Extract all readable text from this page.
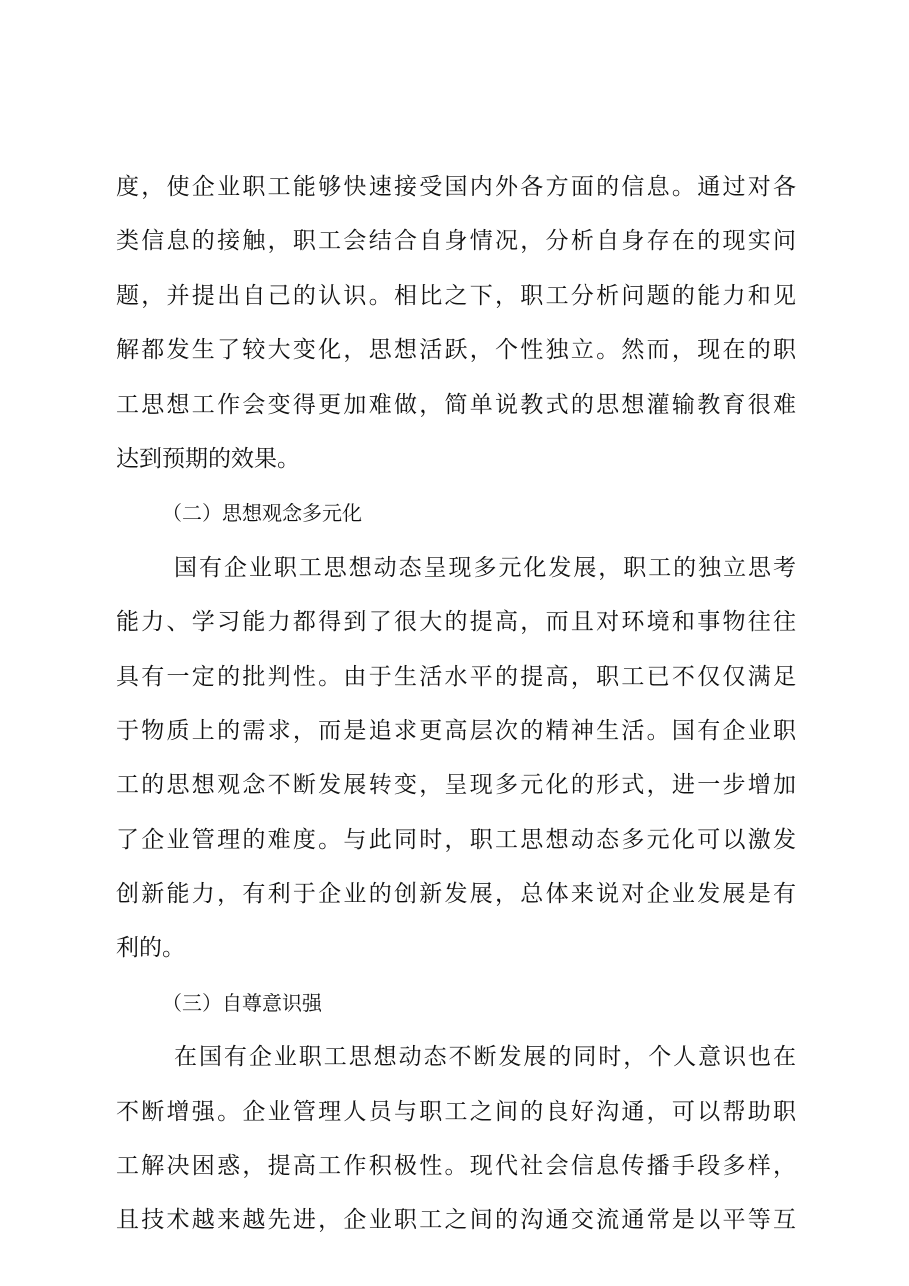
度，使企业职工能够快速接受国内外各方面的信息。通过对各
类信息的接触，职工会结合自身情况，分析自身存在的现实问
题，并提出自己的认识。相比之下，职工分析问题的能力和见
解都发生了较大变化，思想活跃，个性独立。然而，现在的职
工思想工作会变得更加难做，简单说教式的思想灌输教育很难
达到预期的效果。
（二）思想观念多元化
国有企业职工思想动态呈现多元化发展，职工的独立思考
能力、学习能力都得到了很大的提高，而且对环境和事物往往
具有一定的批判性。由于生活水平的提高，职工已不仅仅满足
于物质上的需求，而是追求更高层次的精神生活。国有企业职
工的思想观念不断发展转变，呈现多元化的形式，进一步增加
了企业管理的难度。与此同时，职工思想动态多元化可以激发
创新能力，有利于企业的创新发展，总体来说对企业发展是有
利的。
（三）自尊意识强
在国有企业职工思想动态不断发展的同时，个人意识也在
不断增强。企业管理人员与职工之间的良好沟通，可以帮助职
工解决困惑，提高工作积极性。现代社会信息传播手段多样，
且技术越来越先进，企业职工之间的沟通交流通常是以平等互
